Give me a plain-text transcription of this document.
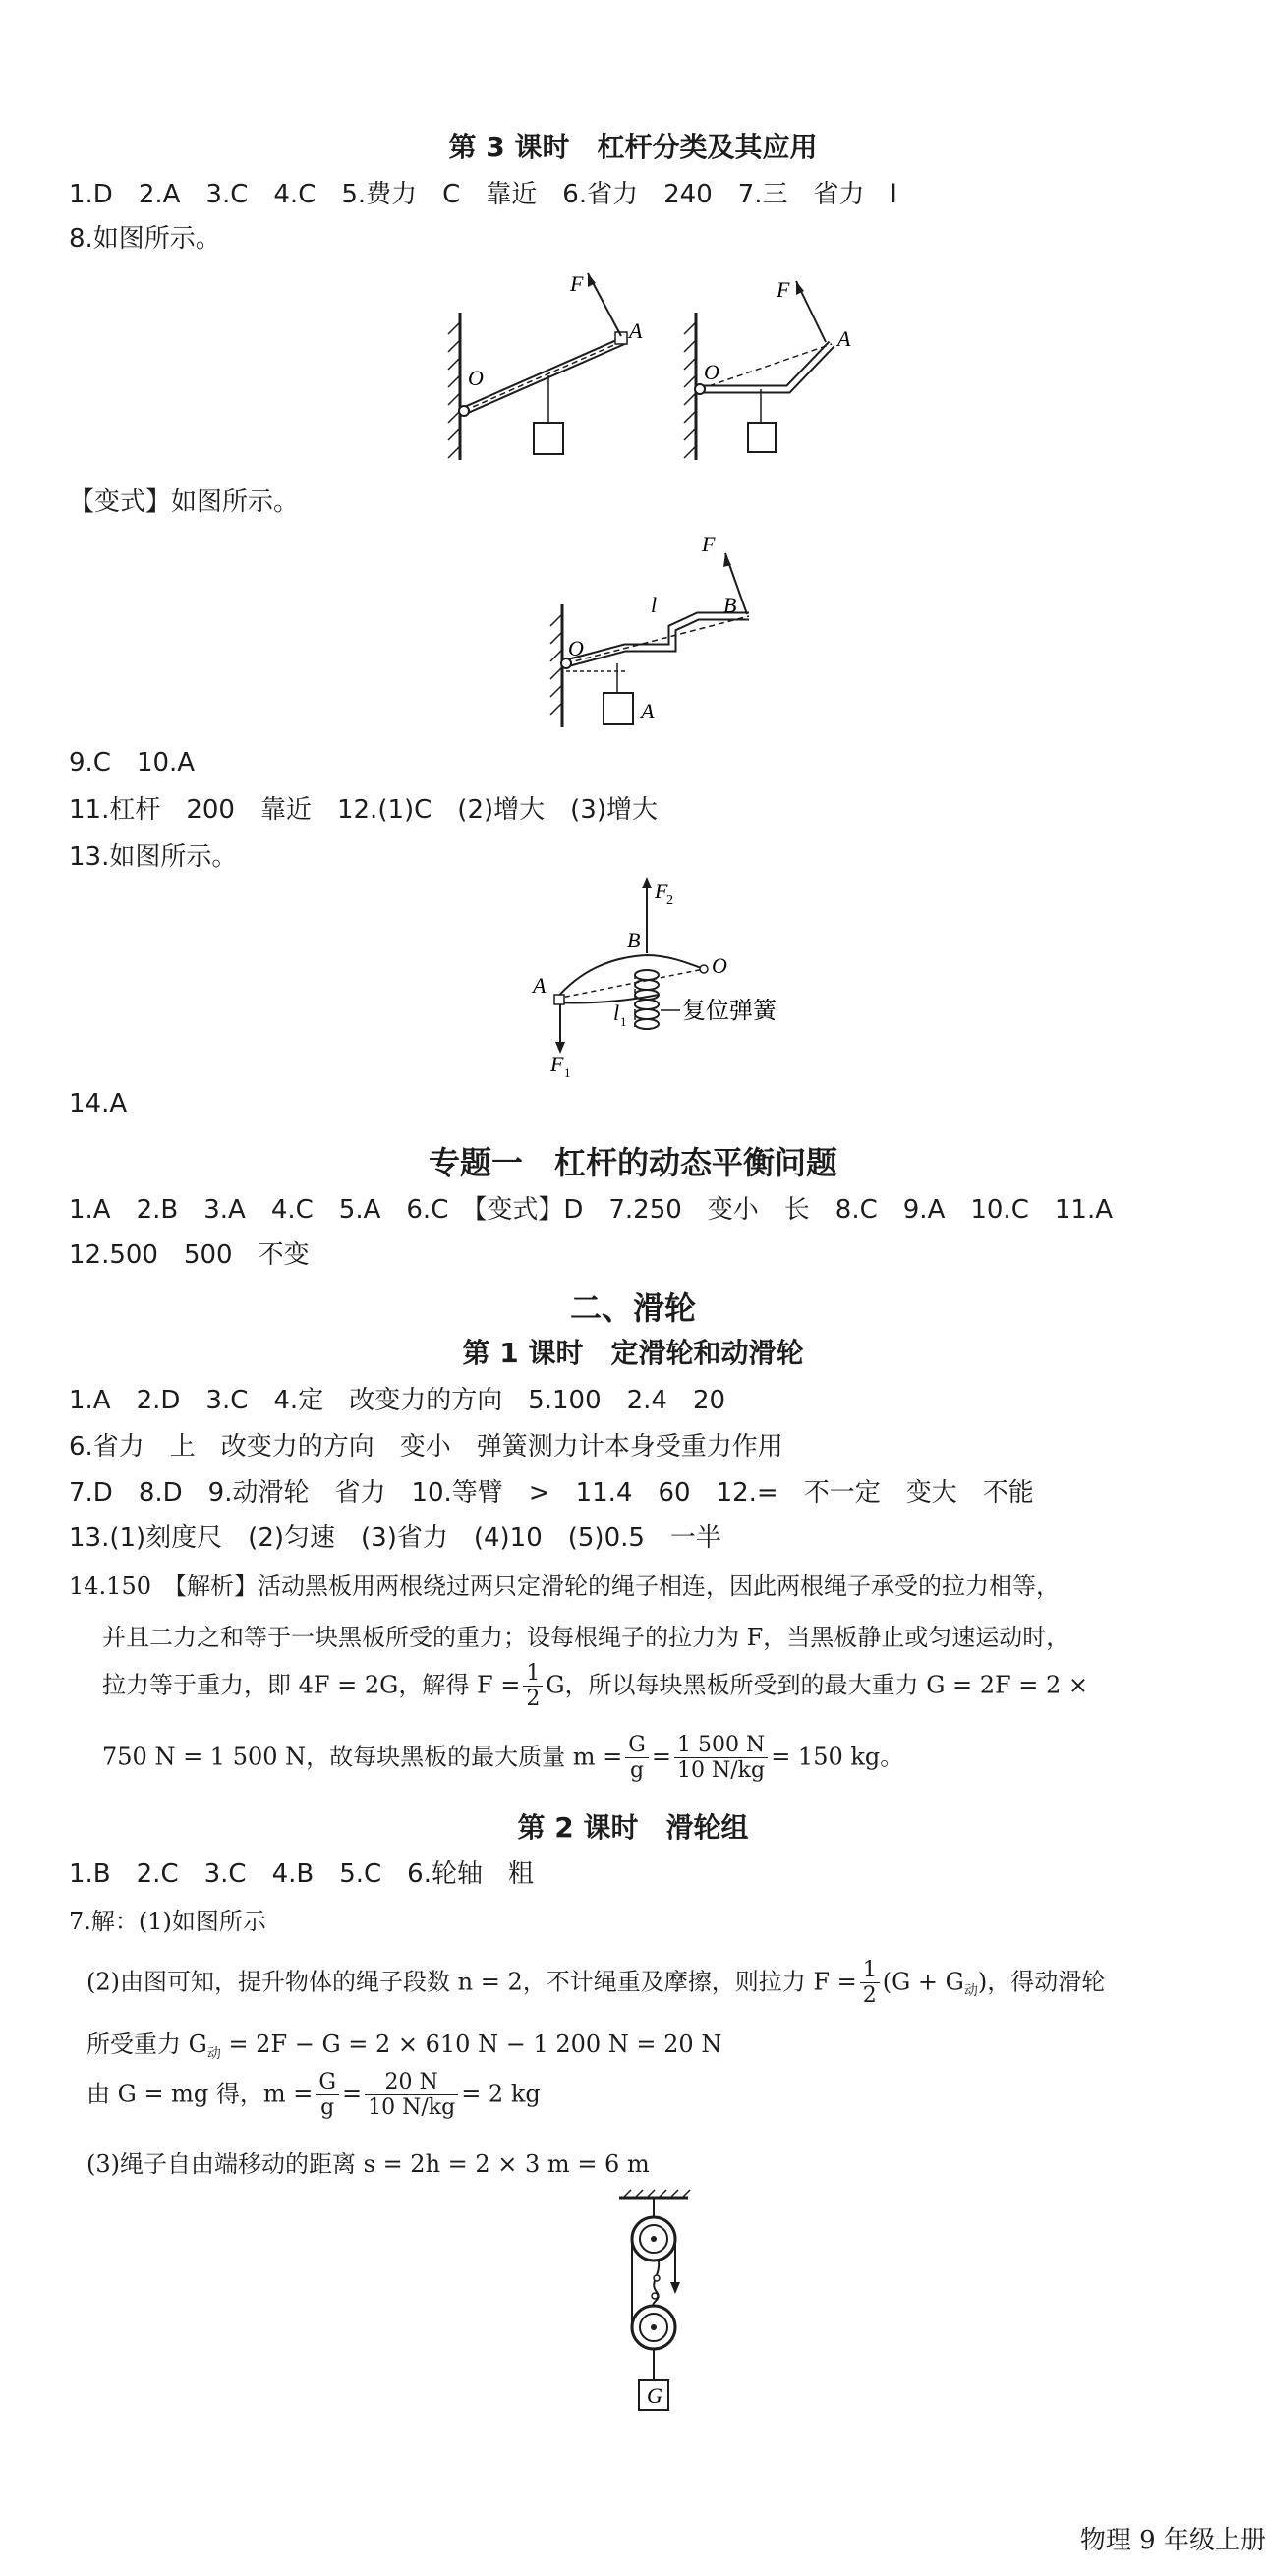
第 3 课时　杠杆分类及其应用
1.D　2.A　3.C　4.C　5.费力　C　靠近　6.省力　240　7.三　省力　l
8.如图所示。
F
A
O
F
A
O
【变式】如图所示。
F
B
l
O
A
9.C　10.A
11.杠杆　200　靠近　12.(1)C　(2)增大　(3)增大
13.如图所示。
F
2
B
O
A
l 1 复位弹簧
F 1
14.A
专题一　杠杆的动态平衡问题
1.A　2.B　3.A　4.C　5.A　6.C　【变式】D　7.250　变小　长　8.C　9.A　10.C　11.A
12.500　500　不变
二、滑轮
第 1 课时　定滑轮和动滑轮
1.A　2.D　3.C　4.定　改变力的方向　5.100　2.4　20
6.省力　上　改变力的方向　变小　弹簧测力计本身受重力作用
7.D　8.D　9.动滑轮　省力　10.等臂　>　11.4　60　12.=　不一定　变大　不能
13.(1)刻度尺　(2)匀速　(3)省力　(4)10　(5)0.5　一半
14.150　【解析】活动黑板用两根绕过两只定滑轮的绳子相连，因此两根绳子承受的拉力相等，
并且二力之和等于一块黑板所受的重力；设每根绳子的拉力为 F，当黑板静止或匀速运动时，
拉力等于重力，即 4F = 2G，解得 $F = \frac{1}{2}$ G，所以每块黑板所受到的最大重力 G = 2F = 2 ×
750 N = 1 500 N，故每块黑板的最大质量 $m = \frac{G}{g} = \frac{1 500 N}{10 N/kg} = 150$ kg。
第 2 课时　滑轮组
1.B　2.C　3.C　4.B　5.C　6.轮轴　粗
7.解：(1)如图所示
(2)由图可知，提升物体的绳子段数 n = 2，不计绳重及摩擦，则拉力 $F = \frac{1}{2} (G + G_动)$，得动滑轮
所受重力 $G_动 = 2F - G = 2 \times 610$ N − 1 200 N = 20 N
由 G = mg 得，$m = \frac{G}{g} = \frac{20 N}{10 N/kg} = 2$ kg
(3)绳子自由端移动的距离 s = 2h = 2 × 3 m = 6 m
G
物理 9 年级上册
